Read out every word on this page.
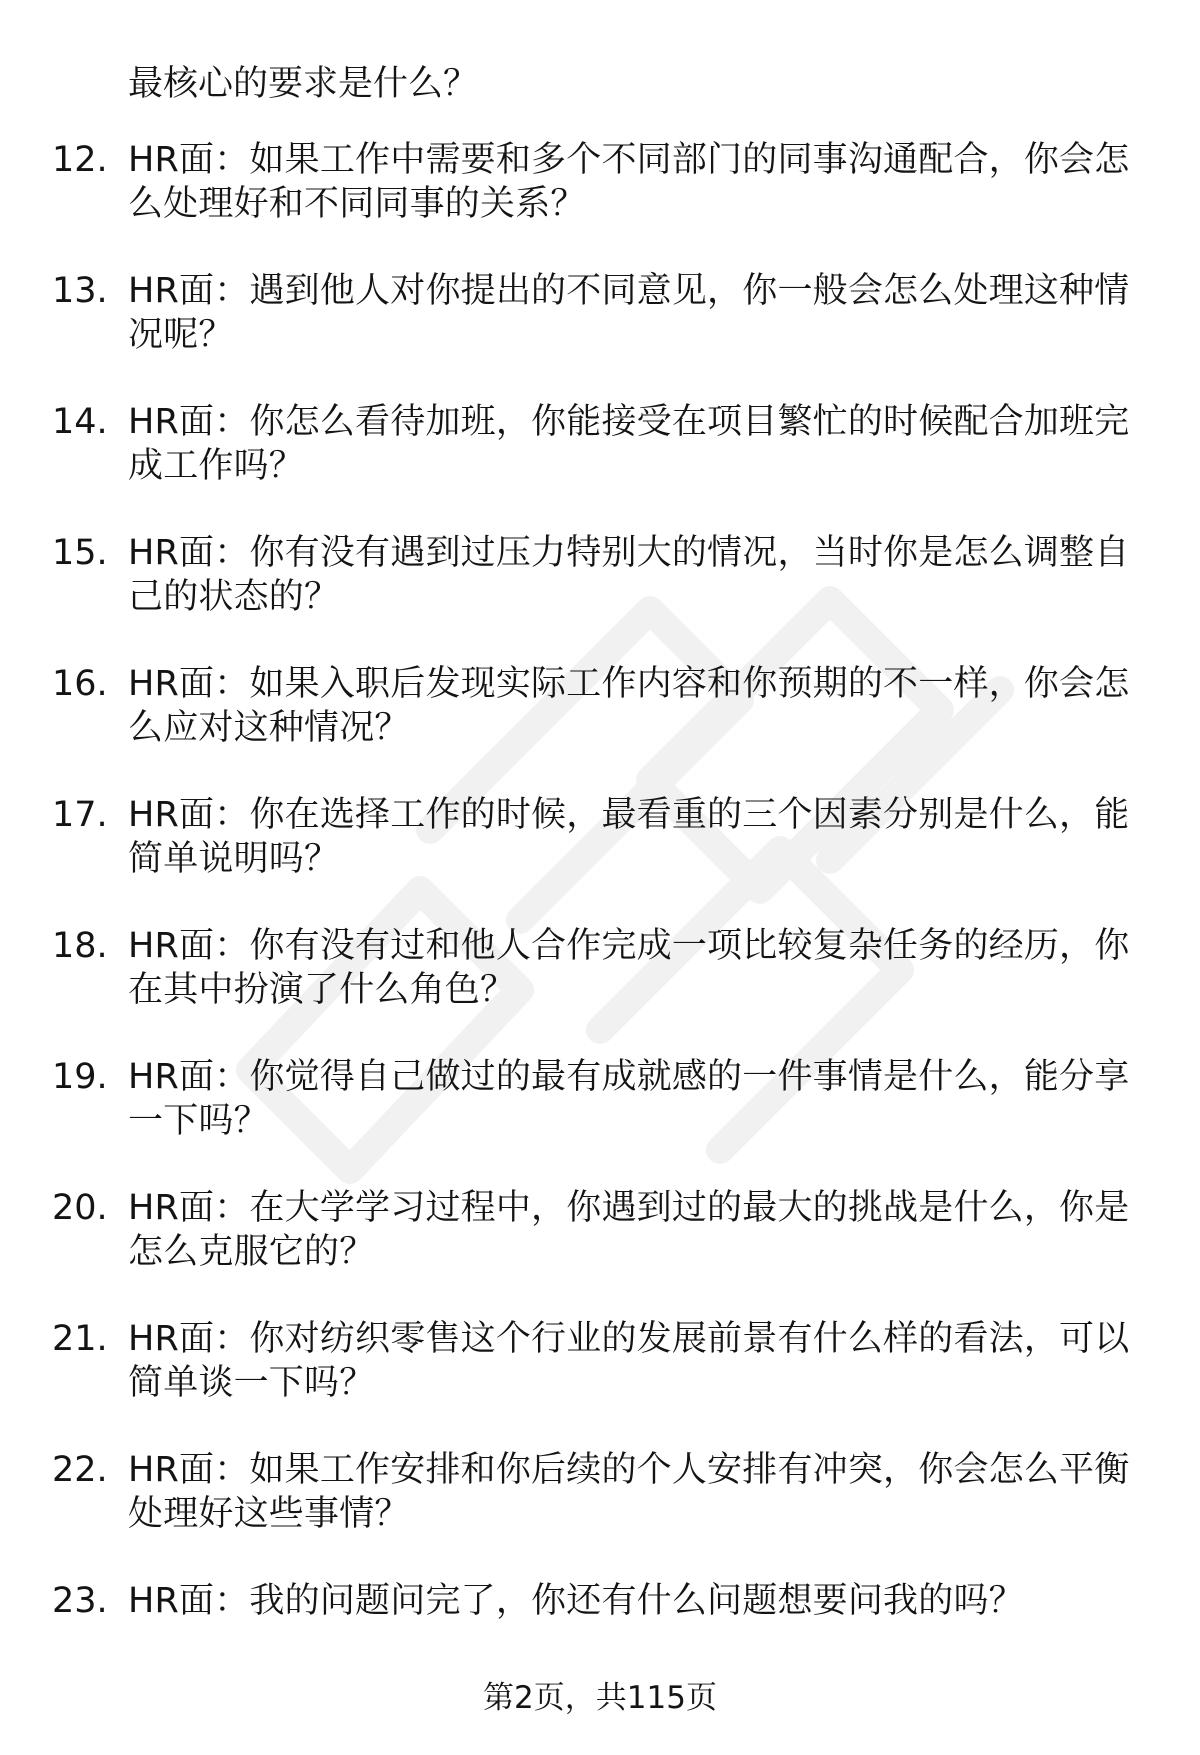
最核心的要求是什么？
12. HR面：如果工作中需要和多个不同部门的同事沟通配合，你会怎么处理好和不同同事的关系？
13. HR面：遇到他人对你提出的不同意见，你一般会怎么处理这种情况呢？
14. HR面：你怎么看待加班，你能接受在项目繁忙的时候配合加班完成工作吗？
15. HR面：你有没有遇到过压力特别大的情况，当时你是怎么调整自己的状态的？
16. HR面：如果入职后发现实际工作内容和你预期的不一样，你会怎么应对这种情况？
17. HR面：你在选择工作的时候，最看重的三个因素分别是什么，能简单说明吗？
18. HR面：你有没有过和他人合作完成一项比较复杂任务的经历，你在其中扮演了什么角色？
19. HR面：你觉得自己做过的最有成就感的一件事情是什么，能分享一下吗？
20. HR面：在大学学习过程中，你遇到过的最大的挑战是什么，你是怎么克服它的？
21. HR面：你对纺织零售这个行业的发展前景有什么样的看法，可以简单谈一下吗？
22. HR面：如果工作安排和你后续的个人安排有冲突，你会怎么平衡处理好这些事情？
23. HR面：我的问题问完了，你还有什么问题想要问我的吗？
第2页，共115页
